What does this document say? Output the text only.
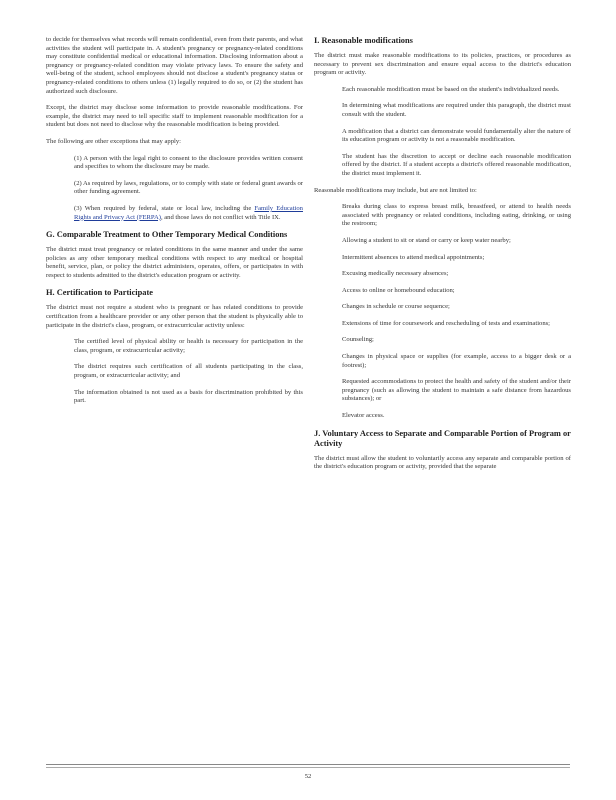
to decide for themselves what records will remain confidential, even from their parents, and what activities the student will participate in. A student's pregnancy or pregnancy-related conditions may constitute confidential medical or educational information. Disclosing information about a pregnancy or pregnancy-related condition may violate privacy laws. To ensure the safety and well-being of the student, school employees should not disclose a student's pregnancy status or pregnancy-related conditions to others unless (1) legally required to do so, or (2) the student has authorized such disclosure.

Except, the district may disclose some information to provide reasonable modifications. For example, the district may need to tell specific staff to implement reasonable modification for a student but does not need to disclose why the reasonable modification is being provided.

The following are other exceptions that may apply:

(1) A person with the legal right to consent to the disclosure provides written consent and specifies to whom the disclosure may be made.
(2) As required by laws, regulations, or to comply with state or federal grant awards or other funding agreement.
(3) When required by federal, state or local law, including the Family Education Rights and Privacy Act (FERPA), and those laws do not conflict with Title IX.
G. Comparable Treatment to Other Temporary Medical Conditions

The district must treat pregnancy or related conditions in the same manner and under the same policies as any other temporary medical conditions with respect to any medical or hospital benefit, service, plan, or policy the district administers, operates, offers, or participates in with respect to students admitted to the district's education program or activity.

H. Certification to Participate

The district must not require a student who is pregnant or has related conditions to provide certification from a healthcare provider or any other person that the student is physically able to participate in the district's class, program, or extracurricular activity unless:

The certified level of physical ability or health is necessary for participation in the class, program, or extracurricular activity;
The district requires such certification of all students participating in the class, program, or extracurricular activity; and
The information obtained is not used as a basis for discrimination prohibited by this part.
I. Reasonable modifications

The district must make reasonable modifications to its policies, practices, or procedures as necessary to prevent sex discrimination and ensure equal access to the district's education program or activity.

Each reasonable modification must be based on the student's individualized needs.
In determining what modifications are required under this paragraph, the district must consult with the student.
A modification that a district can demonstrate would fundamentally alter the nature of its education program or activity is not a reasonable modification.
The student has the discretion to accept or decline each reasonable modification offered by the district. If a student accepts a district's offered reasonable modification, the district must implement it.

Reasonable modifications may include, but are not limited to:

Breaks during class to express breast milk, breastfeed, or attend to health needs associated with pregnancy or related conditions, including eating, drinking, or using the restroom;
Allowing a student to sit or stand or carry or keep water nearby;
Intermittent absences to attend medical appointments;
Excusing medically necessary absences;
Access to online or homebound education;
Changes in schedule or course sequence;
Extensions of time for coursework and rescheduling of tests and examinations;
Counseling;
Changes in physical space or supplies (for example, access to a bigger desk or a footrest);
Requested accommodations to protect the health and safety of the student and/or their pregnancy (such as allowing the student to maintain a safe distance from hazardous substances); or
Elevator access.
J. Voluntary Access to Separate and Comparable Portion of Program or Activity

The district must allow the student to voluntarily access any separate and comparable portion of the district's education program or activity, provided that the separate

52
